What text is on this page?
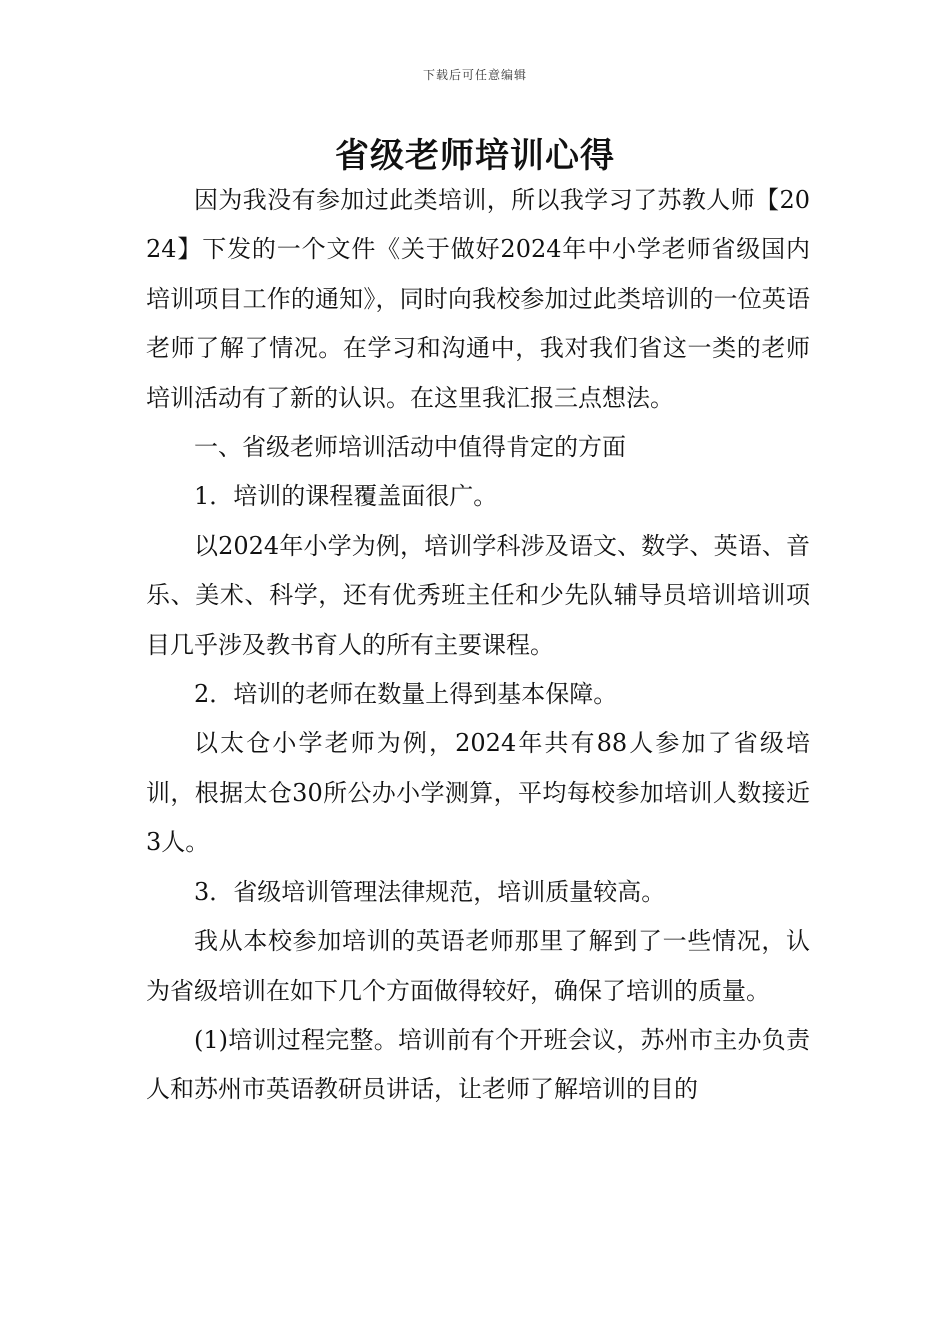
下载后可任意编辑
省级老师培训心得

因为我没有参加过此类培训，所以我学习了苏教人师【2024】下发的一个文件《关于做好2024年中小学老师省级国内培训项目工作的通知》，同时向我校参加过此类培训的一位英语老师了解了情况。在学习和沟通中，我对我们省这一类的老师培训活动有了新的认识。在这里我汇报三点想法。

一、省级老师培训活动中值得肯定的方面

1．培训的课程覆盖面很广。

以2024年小学为例，培训学科涉及语文、数学、英语、音乐、美术、科学，还有优秀班主任和少先队辅导员培训培训项目几乎涉及教书育人的所有主要课程。

2．培训的老师在数量上得到基本保障。

以太仓小学老师为例，2024年共有88人参加了省级培训，根据太仓30所公办小学测算，平均每校参加培训人数接近3人。

3．省级培训管理法律规范，培训质量较高。

我从本校参加培训的英语老师那里了解到了一些情况，认为省级培训在如下几个方面做得较好，确保了培训的质量。

(1)培训过程完整。培训前有个开班会议，苏州市主办负责人和苏州市英语教研员讲话，让老师了解培训的目的
